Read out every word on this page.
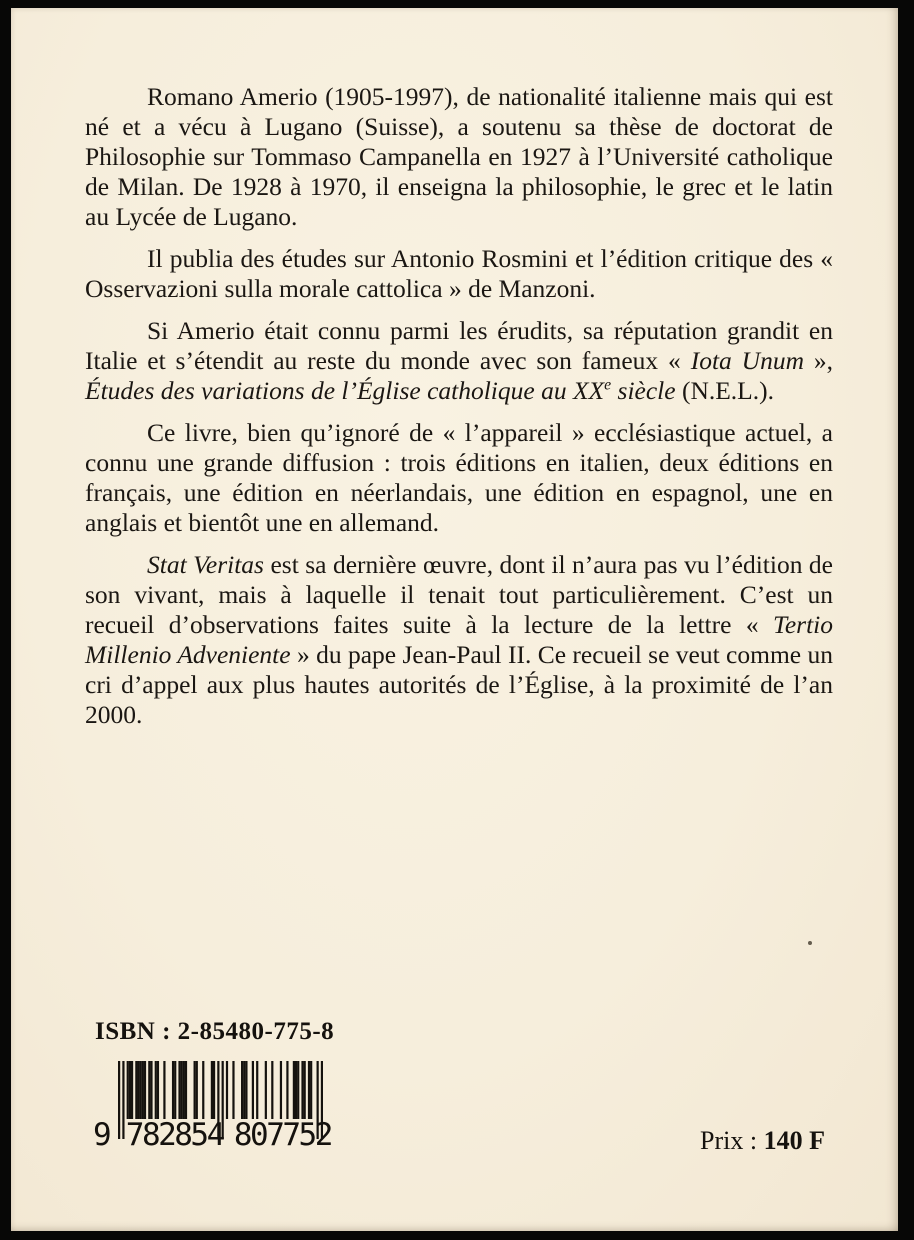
Romano Amerio (1905-1997), de nationalité italienne mais qui est né et a vécu à Lugano (Suisse), a soutenu sa thèse de doctorat de Philosophie sur Tommaso Campanella en 1927 à l’Université catholique de Milan. De 1928 à 1970, il enseigna la philosophie, le grec et le latin au Lycée de Lugano.

Il publia des études sur Antonio Rosmini et l’édition critique des « Osservazioni sulla morale cattolica » de Manzoni.

Si Amerio était connu parmi les érudits, sa réputation grandit en Italie et s’étendit au reste du monde avec son fameux « Iota Unum », Études des variations de l’Église catholique au XXe siècle (N.E.L.).

Ce livre, bien qu’ignoré de « l’appareil » ecclésiastique actuel, a connu une grande diffusion : trois éditions en italien, deux éditions en français, une édition en néerlandais, une édition en espagnol, une en anglais et bientôt une en allemand.

Stat Veritas est sa dernière œuvre, dont il n’aura pas vu l’édition de son vivant, mais à laquelle il tenait tout particulièrement. C’est un recueil d’observations faites suite à la lecture de la lettre « Tertio Millenio Adveniente » du pape Jean-Paul II. Ce recueil se veut comme un cri d’appel aux plus hautes autorités de l’Église, à la proximité de l’an 2000.

ISBN : 2-85480-775-8
9 782854 807752	Prix : 140 F
